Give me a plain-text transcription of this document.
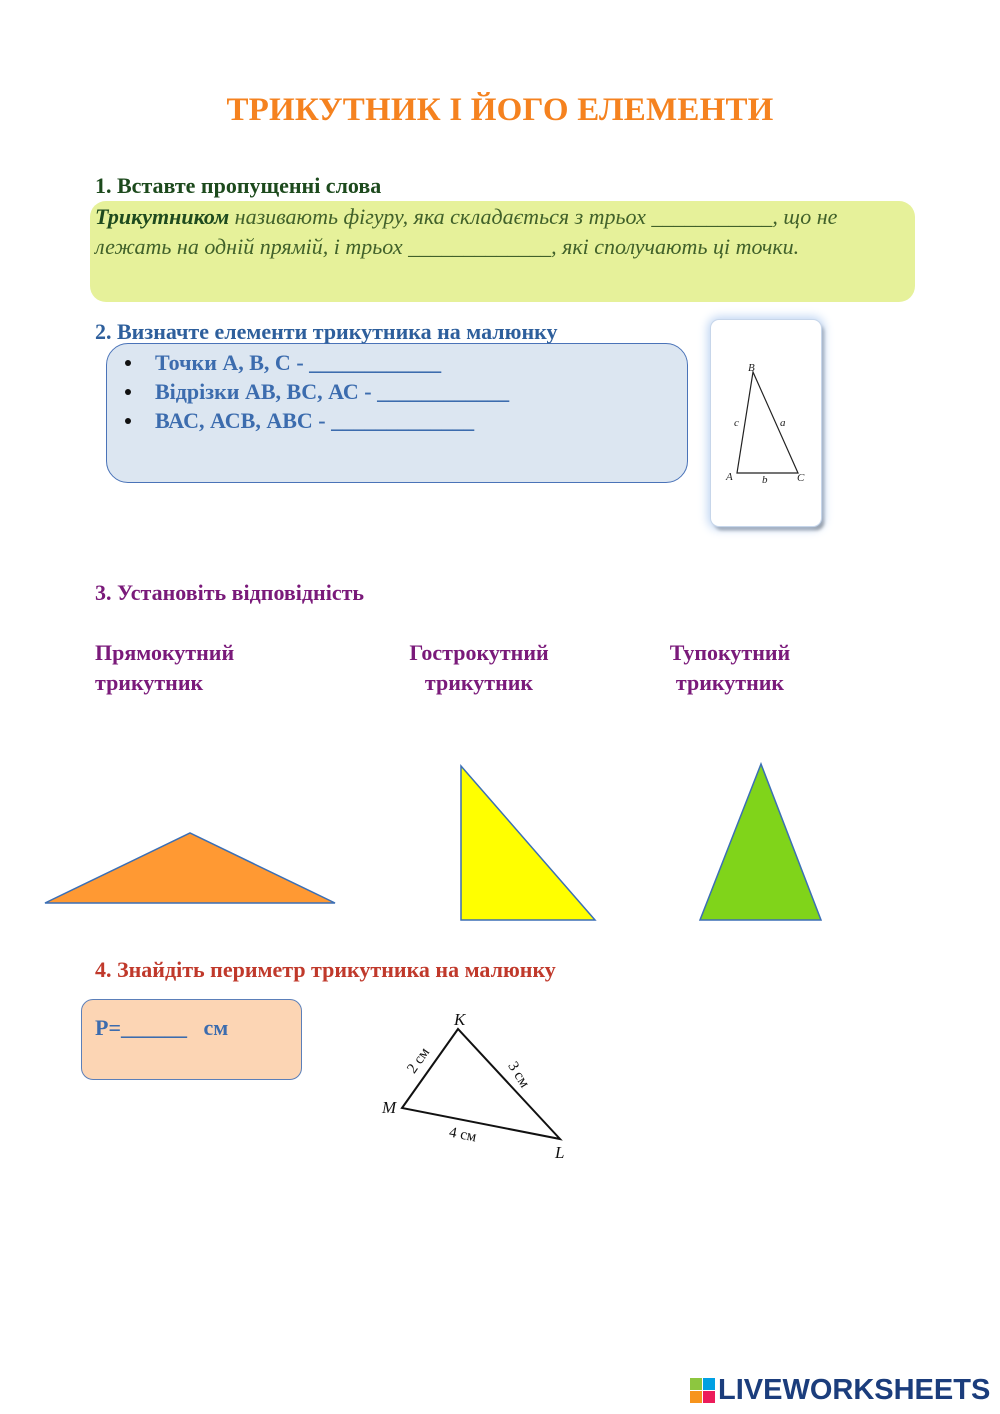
ТРИКУТНИК І ЙОГО ЕЛЕМЕНТИ
1. Вставте пропущенні слова
Трикутником називають фігуру, яка складається з трьох ___________, що не лежать на одній прямій, і трьох _____________, які сполучають ці точки.
2. Визначте елементи трикутника на малюнку
Точки А, В, С - ____________
Відрізки АВ, ВС, АС - ____________
ВАС, АСВ, АВС - _____________
B
A	C
c	a
b
3. Установіть відповідність
Прямокутний
трикутник
Гострокутний
трикутник
Тупокутний
трикутник
4. Знайдіть периметр трикутника на малюнку
P=______   см	K
M
L
2 см	3 см
4 см
LIVEWORKSHEETS
